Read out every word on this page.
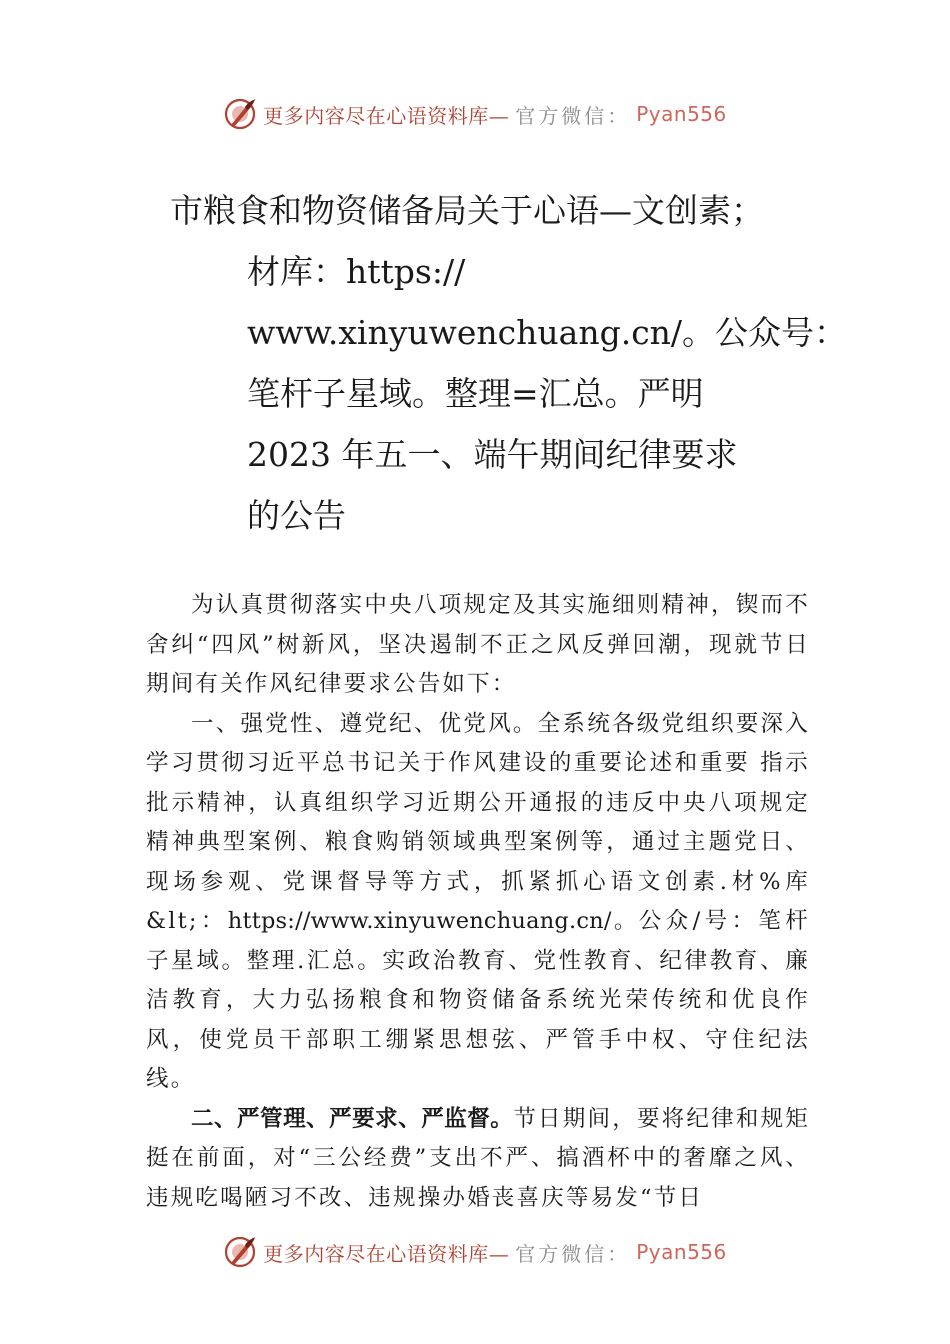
更多内容尽在心语资料库— 官方微信： Pyan556
市粮食和物资储备局关于心语—文创素；
材库：https://
www.xinyuwenchuang.cn/。公众号：
笔杆子星域。整理=汇总。严明
2023 年五一、端午期间纪律要求
的公告

为认真贯彻落实中央八项规定及其实施细则精神，锲而不舍纠“四风”树新风，坚决遏制不正之风反弹回潮，现就节日期间有关作风纪律要求公告如下：

一、强党性、遵党纪、优党风。全系统各级党组织要深入学习贯彻习近平总书记关于作风建设的重要论述和重要 指示批示精神，认真组织学习近期公开通报的违反中央八项规定精神典型案例、粮食购销领域典型案例等，通过主题党日、现场参观、党课督导等方式，抓紧抓心语文创素.材%库&lt;：https://www.xinyuwenchuang.cn/。公众/号：笔杆子星域。整理.汇总。实政治教育、党性教育、纪律教育、廉洁教育，大力弘扬粮食和物资储备系统光荣传统和优良作风，使党员干部职工绷紧思想弦、严管手中权、守住纪法线。

二、严管理、严要求、严监督。节日期间，要将纪律和规矩挺在前面，对“三公经费”支出不严、搞酒杯中的奢靡之风、违规吃喝陋习不改、违规操办婚丧喜庆等易发“节日

更多内容尽在心语资料库— 官方微信： Pyan556
